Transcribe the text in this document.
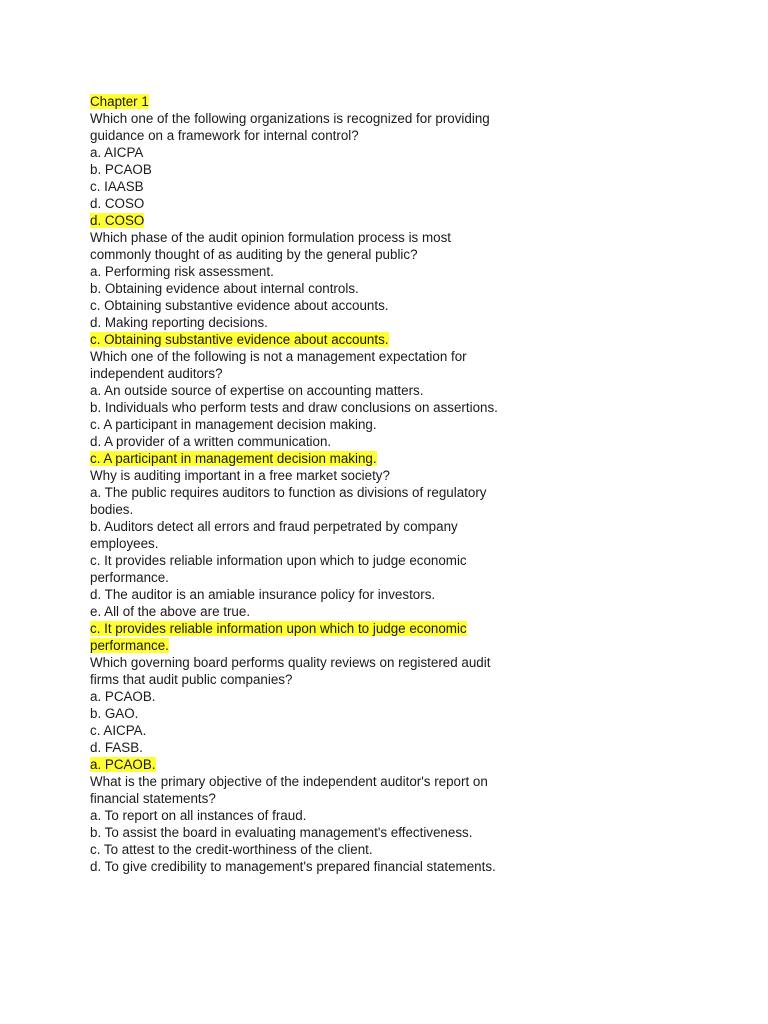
Chapter 1
Which one of the following organizations is recognized for providing guidance on a framework for internal control?
a. AICPA
b. PCAOB
c. IAASB
d. COSO
d. COSO
Which phase of the audit opinion formulation process is most commonly thought of as auditing by the general public?
a. Performing risk assessment.
b. Obtaining evidence about internal controls.
c. Obtaining substantive evidence about accounts.
d. Making reporting decisions.
c. Obtaining substantive evidence about accounts.
Which one of the following is not a management expectation for independent auditors?
a. An outside source of expertise on accounting matters.
b. Individuals who perform tests and draw conclusions on assertions.
c. A participant in management decision making.
d. A provider of a written communication.
c. A participant in management decision making.
Why is auditing important in a free market society?
a. The public requires auditors to function as divisions of regulatory bodies.
b. Auditors detect all errors and fraud perpetrated by company employees.
c. It provides reliable information upon which to judge economic performance.
d. The auditor is an amiable insurance policy for investors.
e. All of the above are true.
c. It provides reliable information upon which to judge economic performance.
Which governing board performs quality reviews on registered audit firms that audit public companies?
a. PCAOB.
b. GAO.
c. AICPA.
d. FASB.
a. PCAOB.
What is the primary objective of the independent auditor's report on financial statements?
a. To report on all instances of fraud.
b. To assist the board in evaluating management's effectiveness.
c. To attest to the credit-worthiness of the client.
d. To give credibility to management's prepared financial statements.
